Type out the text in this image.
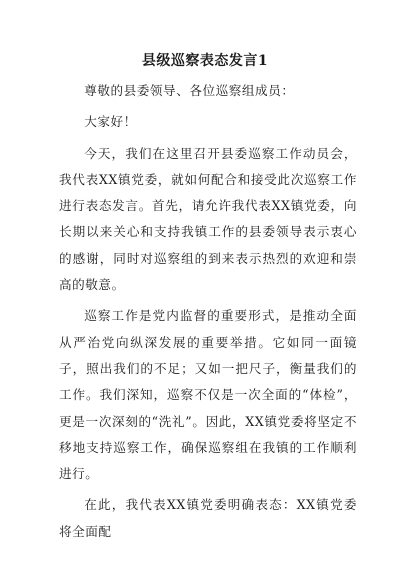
县级巡察表态发言1

尊敬的县委领导、各位巡察组成员：

大家好！

今天，我们在这里召开县委巡察工作动员会，我代表XX镇党委，就如何配合和接受此次巡察工作进行表态发言。首先，请允许我代表XX镇党委，向长期以来关心和支持我镇工作的县委领导表示衷心的感谢，同时对巡察组的到来表示热烈的欢迎和崇高的敬意。

巡察工作是党内监督的重要形式，是推动全面从严治党向纵深发展的重要举措。它如同一面镜子，照出我们的不足；又如一把尺子，衡量我们的工作。我们深知，巡察不仅是一次全面的“体检”，更是一次深刻的“洗礼”。因此，XX镇党委将坚定不移地支持巡察工作，确保巡察组在我镇的工作顺利进行。

在此，我代表XX镇党委明确表态：XX镇党委将全面配
